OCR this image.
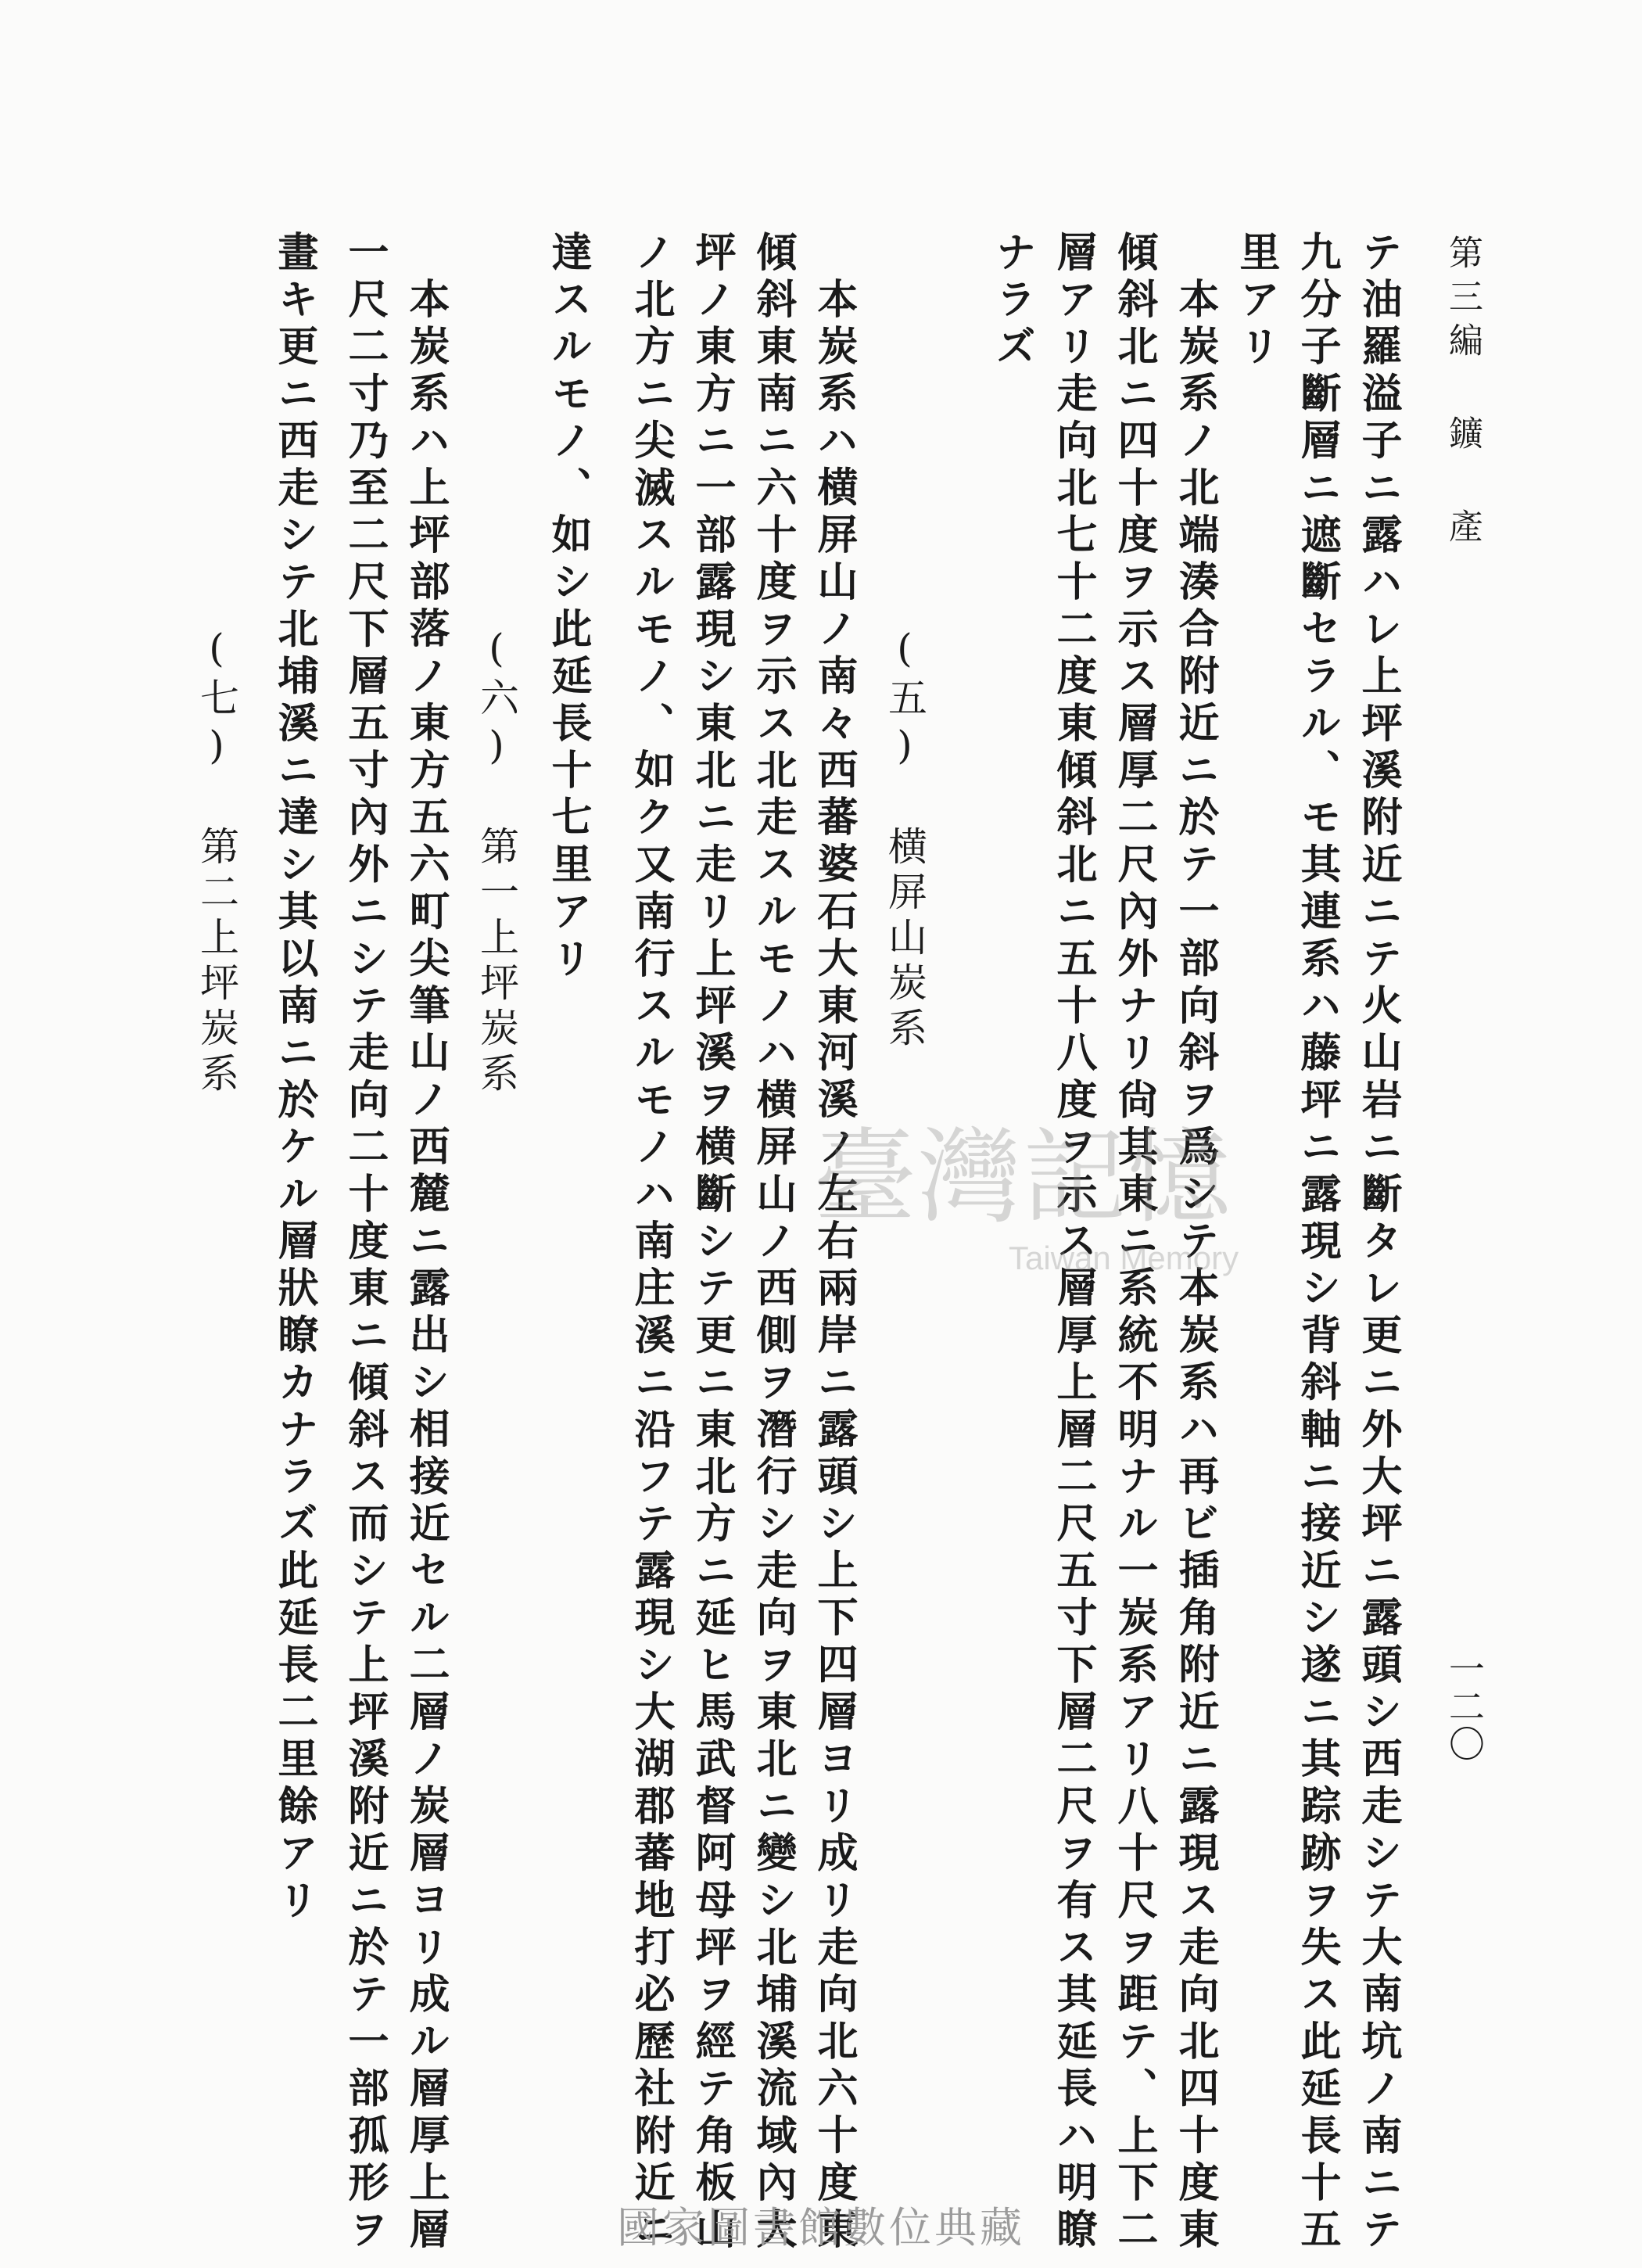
第三編 鑛 產
一二〇
テ油羅溢子ニ露ハレ上坪溪附近ニテ火山岩ニ斷タレ更ニ外大坪ニ露頭シ西走シテ大南坑ノ南ニテ
九分子斷層ニ遮斷セラル、モ其連系ハ藤坪ニ露現シ背斜軸ニ接近シ遂ニ其踪跡ヲ失ス此延長十五
里アリ
本炭系ノ北端湊合附近ニ於テ一部向斜ヲ爲シテ本炭系ハ再ビ插角附近ニ露現ス走向北四十度東
傾斜北ニ四十度ヲ示ス層厚二尺內外ナリ尙其東ニ系統不明ナル一炭系アリ八十尺ヲ距テ、上下二
層アリ走向北七十二度東傾斜北ニ五十八度ヲ示ス層厚上層二尺五寸下層二尺ヲ有ス其延長ハ明瞭
ナラズ
(五) 横屏山炭系
本炭系ハ横屏山ノ南々西蕃婆石大東河溪ノ左右兩岸ニ露頭シ上下四層ヨリ成リ走向北六十度東
傾斜東南ニ六十度ヲ示ス北走スルモノハ横屏山ノ西側ヲ潛行シ走向ヲ東北ニ變シ北埔溪流域內大
坪ノ東方ニ一部露現シ東北ニ走リ上坪溪ヲ横斷シテ更ニ東北方ニ延ヒ馬武督阿母坪ヲ經テ角板山
ノ北方ニ尖滅スルモノ、如ク又南行スルモノハ南庄溪ニ沿フテ露現シ大湖郡蕃地打必歷社附近ニ
達スルモノ、如シ此延長十七里アリ
(六) 第一上坪炭系
本炭系ハ上坪部落ノ東方五六町尖筆山ノ西麓ニ露出シ相接近セル二層ノ炭層ヨリ成ル層厚上層
一尺二寸乃至二尺下層五寸內外ニシテ走向二十度東ニ傾斜ス而シテ上坪溪附近ニ於テ一部孤形ヲ
畫キ更ニ西走シテ北埔溪ニ達シ其以南ニ於ケル層狀瞭カナラズ此延長二里餘アリ
(七) 第二上坪炭系
臺灣記憶
Taiwan Memory
國家圖書館數位典藏
